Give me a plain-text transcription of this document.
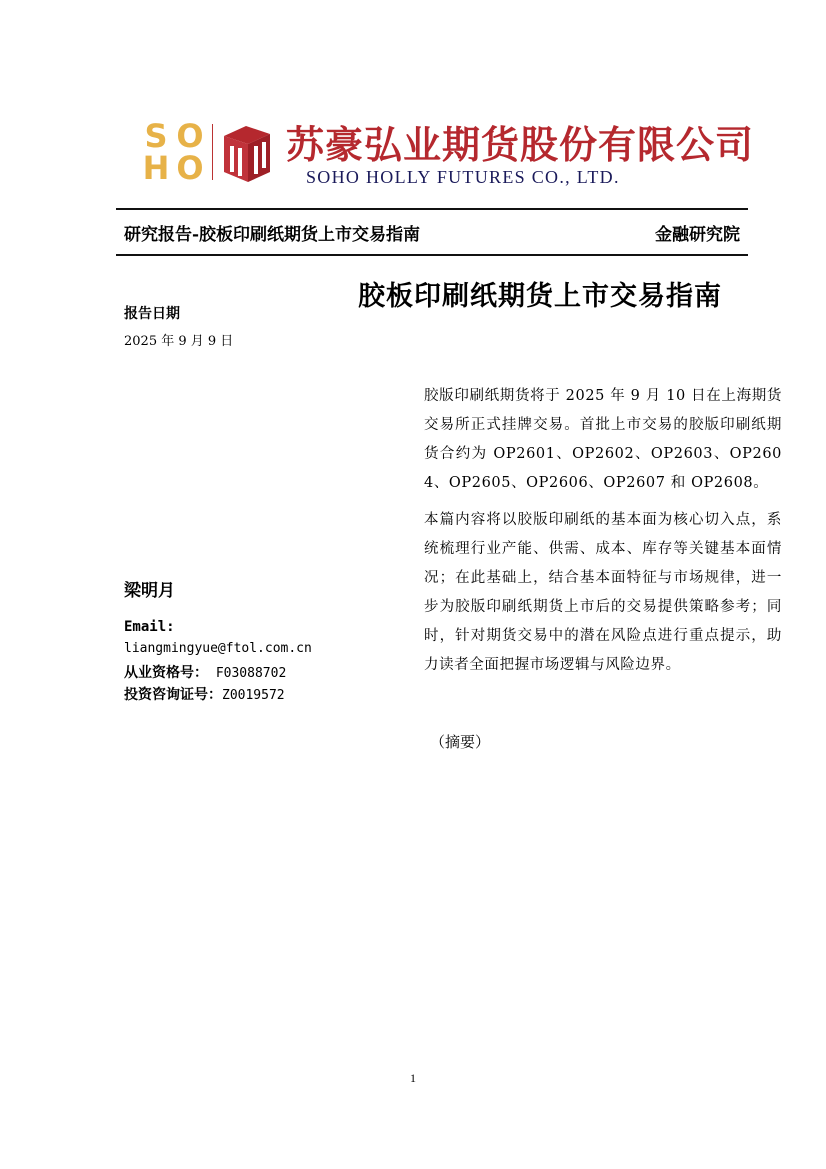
S O
H O
苏豪弘业期货股份有限公司
SOHO HOLLY FUTURES CO., LTD.
研究报告-胶板印刷纸期货上市交易指南	金融研究院
胶板印刷纸期货上市交易指南
报告日期
2025 年 9 月 9 日
梁明月
Email:
liangmingyue@ftol.com.cn
从业资格号： F03088702
投资咨询证号：Z0019572
胶版印刷纸期货将于 2025 年 9 月 10 日在上海期货交易所正式挂牌交易。首批上市交易的胶版印刷纸期货合约为 OP2601、OP2602、OP2603、OP2604、OP2605、OP2606、OP2607 和 OP2608。
本篇内容将以胶版印刷纸的基本面为核心切入点，系统梳理行业产能、供需、成本、库存等关键基本面情况；在此基础上，结合基本面特征与市场规律，进一步为胶版印刷纸期货上市后的交易提供策略参考；同时，针对期货交易中的潜在风险点进行重点提示，助力读者全面把握市场逻辑与风险边界。
（摘要）
1
